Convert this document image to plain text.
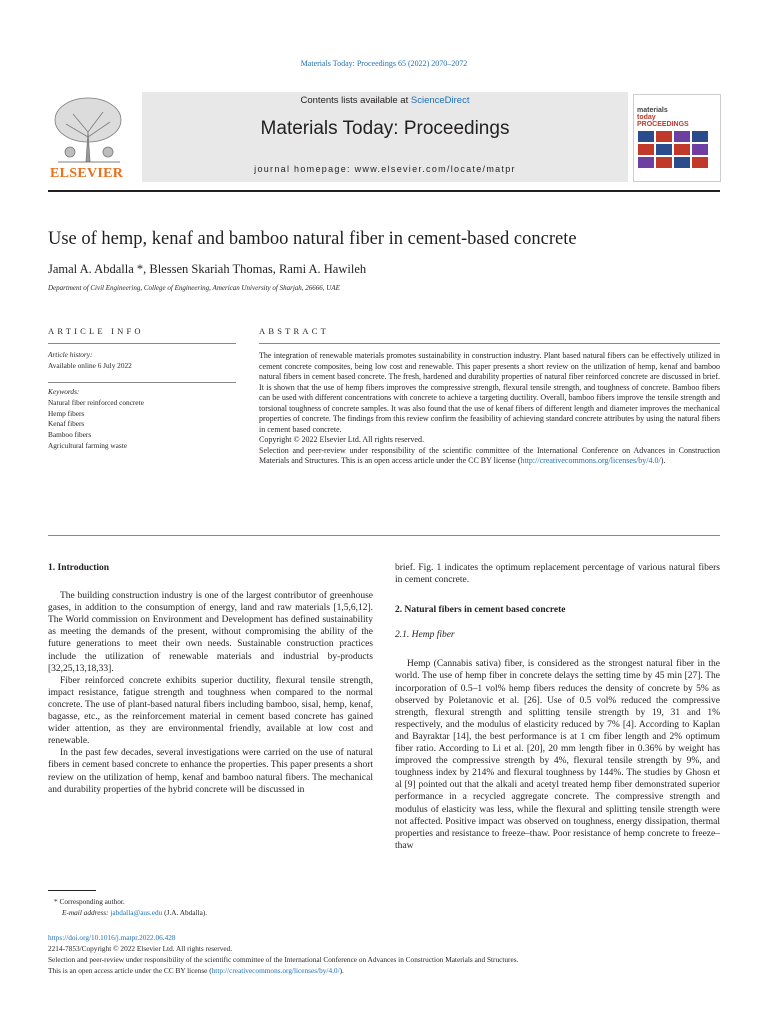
Materials Today: Proceedings 65 (2022) 2070–2072
ELSEVIER
Contents lists available at ScienceDirect
Materials Today: Proceedings
journal homepage: www.elsevier.com/locate/matpr
materials
today
PROCEEDINGS
Use of hemp, kenaf and bamboo natural fiber in cement-based concrete
Jamal A. Abdalla *, Blessen Skariah Thomas, Rami A. Hawileh
Department of Civil Engineering, College of Engineering, American University of Sharjah, 26666, UAE
ARTICLE INFO
Article history:
Available online 6 July 2022
Keywords:
Natural fiber reinforced concrete
Hemp fibers
Kenaf fibers
Bamboo fibers
Agricultural farming waste
ABSTRACT

The integration of renewable materials promotes sustainability in construction industry. Plant based natural fibers can be effectively utilized in cement concrete composites, being low cost and renewable. This paper presents a short review on the utilization of hemp, kenaf and bamboo natural fibers in cement based concrete. The fresh, hardened and durability properties of natural fiber reinforced concrete are discussed in brief. It is shown that the use of hemp fibers improves the compressive strength, flexural tensile strength, and toughness of concrete. Bamboo fibers can be used with different concentrations with concrete to achieve a targeting ductility. Overall, bamboo fibers improve the tensile strength and torsional toughness of concrete samples. It was also found that the use of kenaf fibers of different length and diameter improves the mechanical properties of concrete. The findings from this review confirm the feasibility of achieving standard concrete attributes by using the natural fibers in cement based concrete.

Copyright © 2022 Elsevier Ltd. All rights reserved.

Selection and peer-review under responsibility of the scientific committee of the International Conference on Advances in Construction Materials and Structures. This is an open access article under the CC BY license (http://creativecommons.org/licenses/by/4.0/).

1. Introduction

The building construction industry is one of the largest contributor of greenhouse gases, in addition to the consumption of energy, land and raw materials [1,5,6,12]. The World commission on Environment and Development has defined sustainability as meeting the demands of the present, without compromising the ability of the future generations to meet their own needs. Sustainable construction practices include the utilization of renewable materials and industrial by-products [32,25,13,18,33].

Fiber reinforced concrete exhibits superior ductility, flexural tensile strength, impact resistance, fatigue strength and toughness when compared to the normal concrete. The use of plant-based natural fibers including bamboo, sisal, hemp, kenaf, bagasse, etc., as the reinforcement material in cement based concrete has gained wider attention, as they are environmental friendly, available at low cost and renewable.

In the past few decades, several investigations were carried on the use of natural fibers in cement based concrete to enhance the properties. This paper presents a short review on the utilization of hemp, kenaf and bamboo natural fibers. The mechanical and durability properties of the hybrid concrete will be discussed in

brief. Fig. 1 indicates the optimum replacement percentage of various natural fibers in cement concrete.

2. Natural fibers in cement based concrete
2.1. Hemp fiber

Hemp (Cannabis sativa) fiber, is considered as the strongest natural fiber in the world. The use of hemp fiber in concrete delays the setting time by 45 min [27]. The incorporation of 0.5–1 vol% hemp fibers reduces the density of concrete by 5% as observed by Poletanovic et al. [26]. Use of 0.5 vol% reduced the compressive strength, flexural strength and splitting tensile strength by 19, 31 and 1% respectively, and the modulus of elasticity reduced by 7% [4]. According to Kaplan and Bayraktar [14], the best performance is at 1 cm fiber length and 2% optimum fiber ratio. According to Li et al. [20], 20 mm length fiber in 0.36% by weight has improved the compressive strength by 4%, flexural tensile strength by 9%, and toughness index by 214% and flexural toughness by 144%. The studies by Ghosn et al [9] pointed out that the alkali and acetyl treated hemp fiber demonstrated superior performance in a recycled aggregate concrete. The compressive strength and modulus of elasticity was less, while the flexural and splitting tensile strength were not affected. Positive impact was observed on toughness, energy dissipation, thermal properties and resistance to freeze–thaw. Poor resistance of hemp concrete to freeze–thaw

* Corresponding author.
E-mail address: jabdalla@aus.edu (J.A. Abdalla).
https://doi.org/10.1016/j.matpr.2022.06.428
2214-7853/Copyright © 2022 Elsevier Ltd. All rights reserved.
Selection and peer-review under responsibility of the scientific committee of the International Conference on Advances in Construction Materials and Structures.
This is an open access article under the CC BY license (http://creativecommons.org/licenses/by/4.0/).
